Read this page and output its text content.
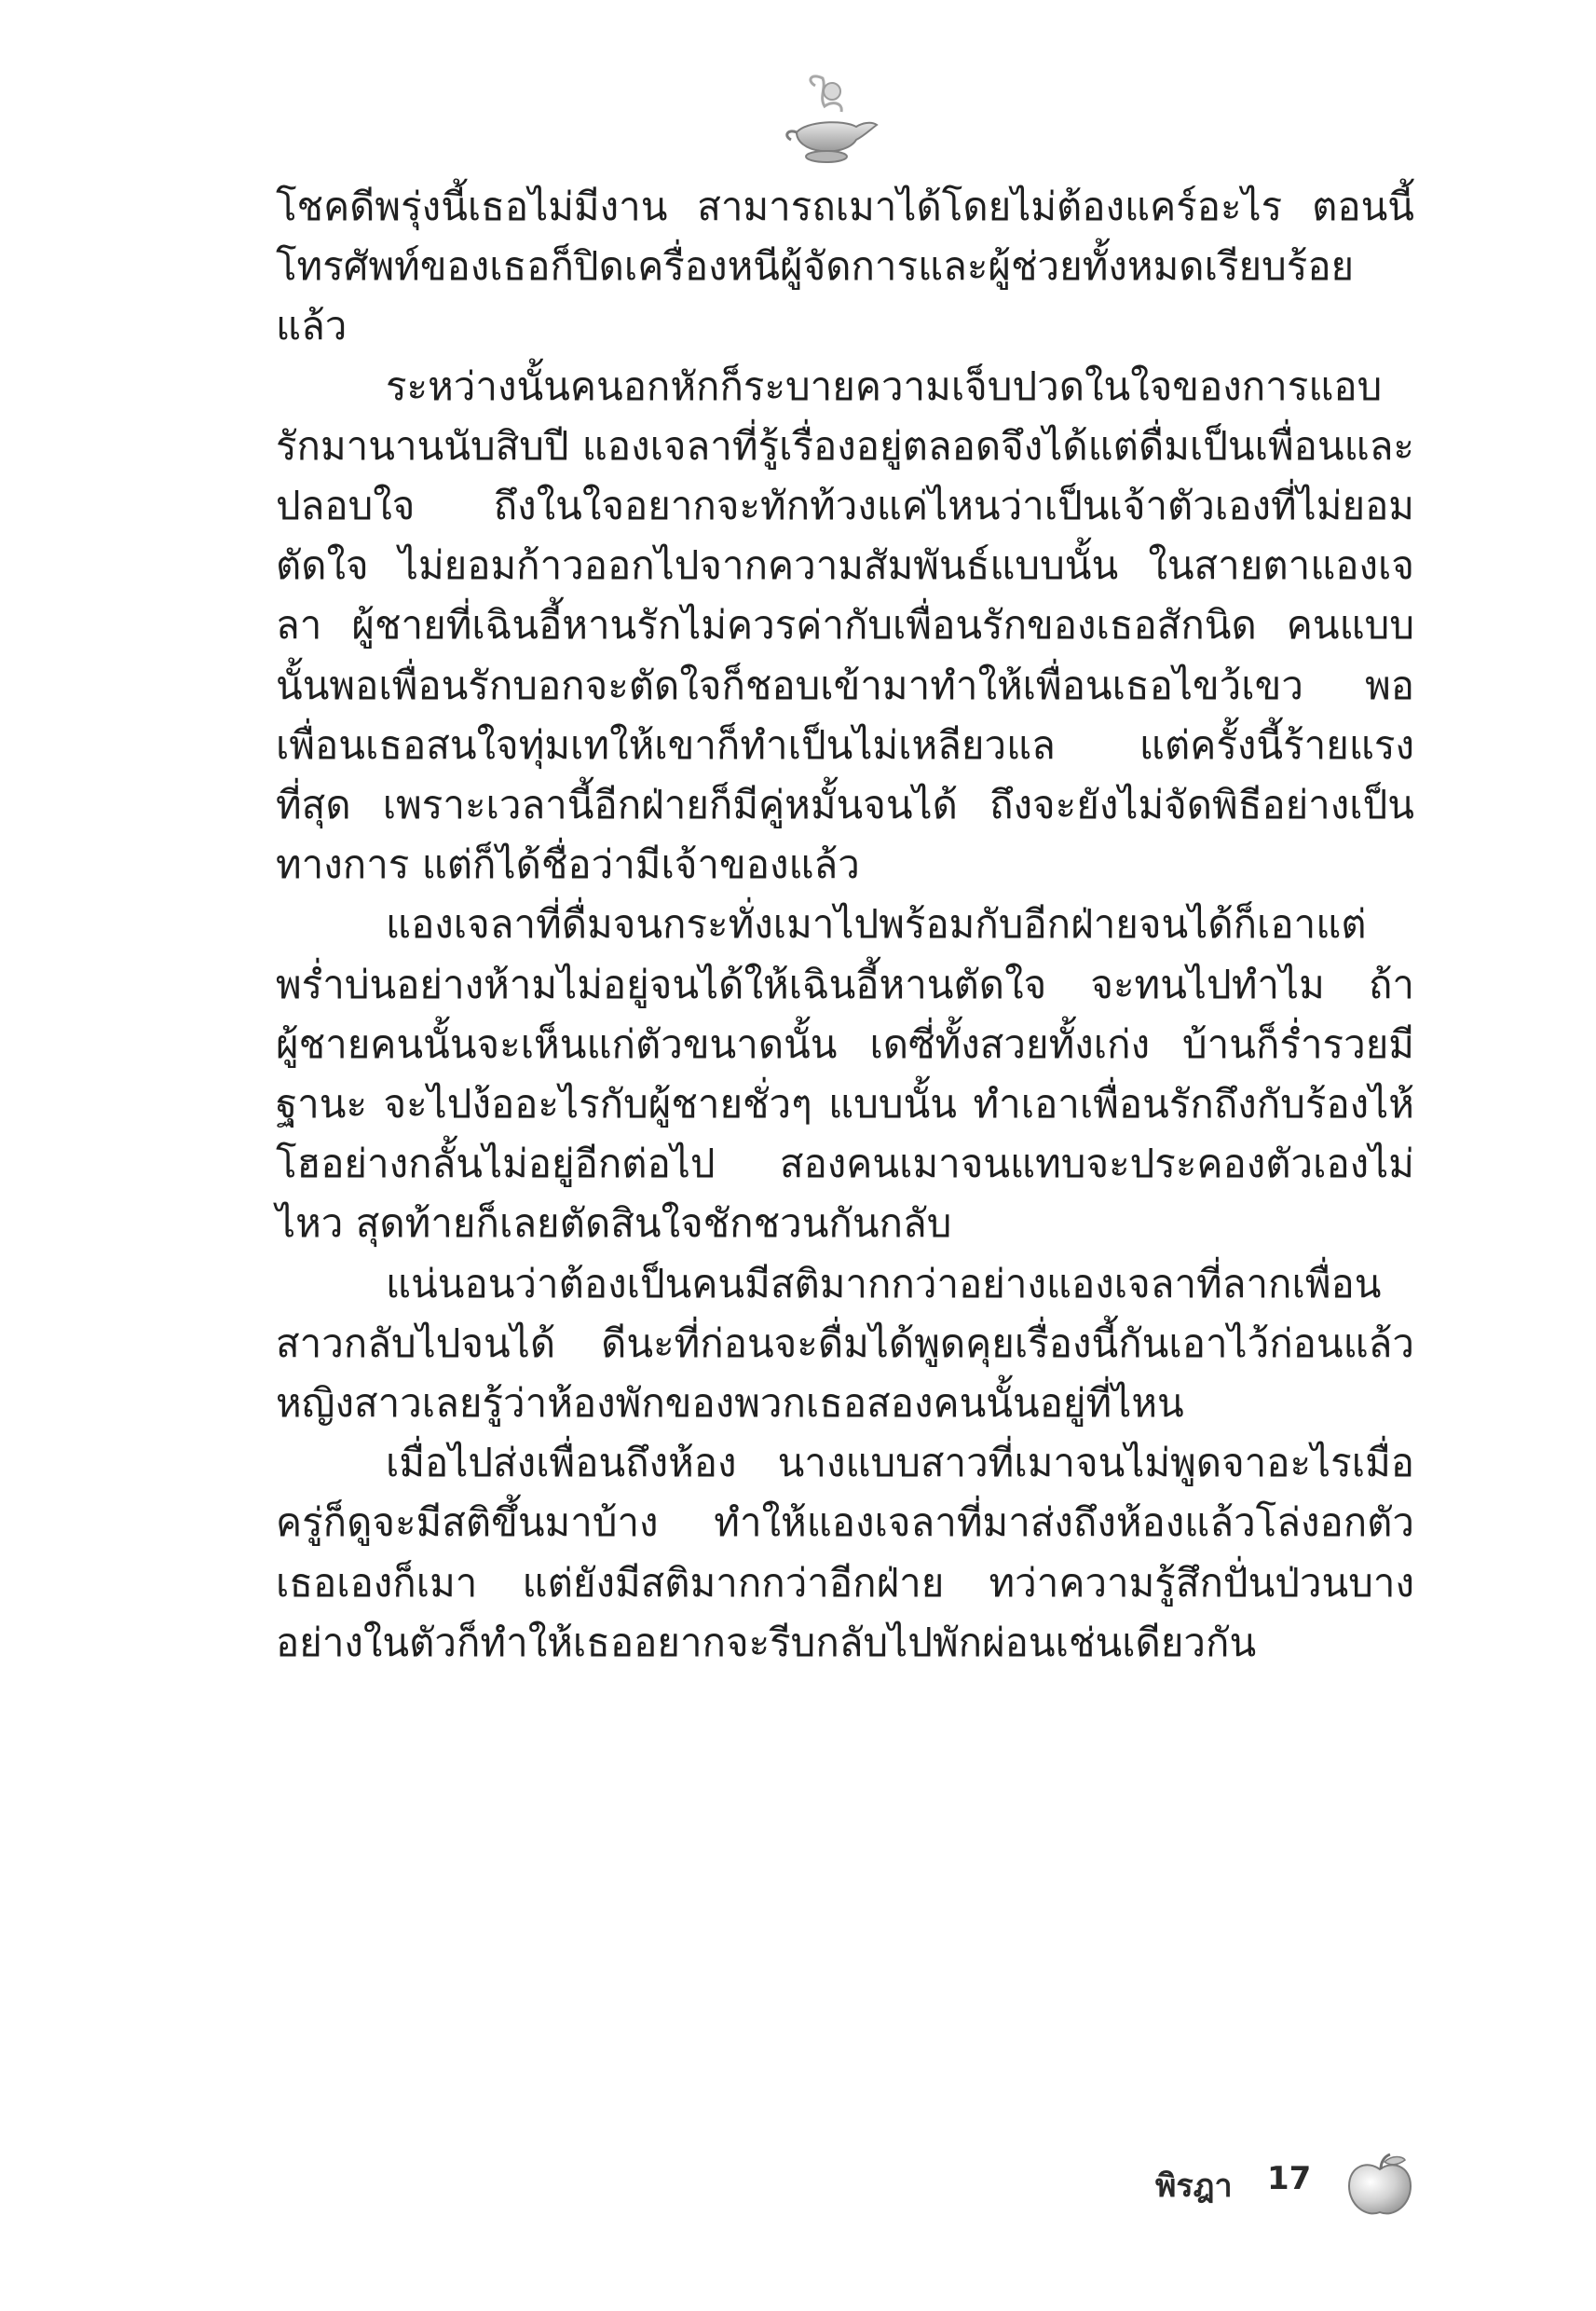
โชคดีพรุ่งนี้เธอไม่มีงาน สามารถเมาได้โดยไม่ต้องแคร์อะไร ตอนนี้โทรศัพท์ของเธอก็ปิดเครื่องหนีผู้จัดการและผู้ช่วยทั้งหมดเรียบร้อยแล้ว

ระหว่างนั้นคนอกหักก็ระบายความเจ็บปวดในใจของการแอบรักมานานนับสิบปี แองเจลาที่รู้เรื่องอยู่ตลอดจึงได้แต่ดื่มเป็นเพื่อนและปลอบใจ ถึงในใจอยากจะทักท้วงแค่ไหนว่าเป็นเจ้าตัวเองที่ไม่ยอมตัดใจ ไม่ยอมก้าวออกไปจากความสัมพันธ์แบบนั้น ในสายตาแองเจลา ผู้ชายที่เฉินอี้หานรักไม่ควรค่ากับเพื่อนรักของเธอสักนิด คนแบบนั้นพอเพื่อนรักบอกจะตัดใจก็ชอบเข้ามาทำให้เพื่อนเธอไขว้เขว พอเพื่อนเธอสนใจทุ่มเทให้เขาก็ทำเป็นไม่เหลียวแล แต่ครั้งนี้ร้ายแรงที่สุด เพราะเวลานี้อีกฝ่ายก็มีคู่หมั้นจนได้ ถึงจะยังไม่จัดพิธีอย่างเป็นทางการ แต่ก็ได้ชื่อว่ามีเจ้าของแล้ว

แองเจลาที่ดื่มจนกระทั่งเมาไปพร้อมกับอีกฝ่ายจนได้ก็เอาแต่พร่ำบ่นอย่างห้ามไม่อยู่จนได้ให้เฉินอี้หานตัดใจ จะทนไปทำไม ถ้าผู้ชายคนนั้นจะเห็นแก่ตัวขนาดนั้น เดซี่ทั้งสวยทั้งเก่ง บ้านก็ร่ำรวยมีฐานะ จะไปง้ออะไรกับผู้ชายชั่วๆ แบบนั้น ทำเอาเพื่อนรักถึงกับร้องไห้โฮอย่างกลั้นไม่อยู่อีกต่อไป สองคนเมาจนแทบจะประคองตัวเองไม่ไหว สุดท้ายก็เลยตัดสินใจชักชวนกันกลับ

แน่นอนว่าต้องเป็นคนมีสติมากกว่าอย่างแองเจลาที่ลากเพื่อนสาวกลับไปจนได้ ดีนะที่ก่อนจะดื่มได้พูดคุยเรื่องนี้กันเอาไว้ก่อนแล้ว หญิงสาวเลยรู้ว่าห้องพักของพวกเธอสองคนนั้นอยู่ที่ไหน

เมื่อไปส่งเพื่อนถึงห้อง นางแบบสาวที่เมาจนไม่พูดจาอะไรเมื่อครู่ก็ดูจะมีสติขึ้นมาบ้าง ทำให้แองเจลาที่มาส่งถึงห้องแล้วโล่งอกตัวเธอเองก็เมา แต่ยังมีสติมากกว่าอีกฝ่าย ทว่าความรู้สึกปั่นป่วนบางอย่างในตัวก็ทำให้เธออยากจะรีบกลับไปพักผ่อนเช่นเดียวกัน

พิรฎา 17
